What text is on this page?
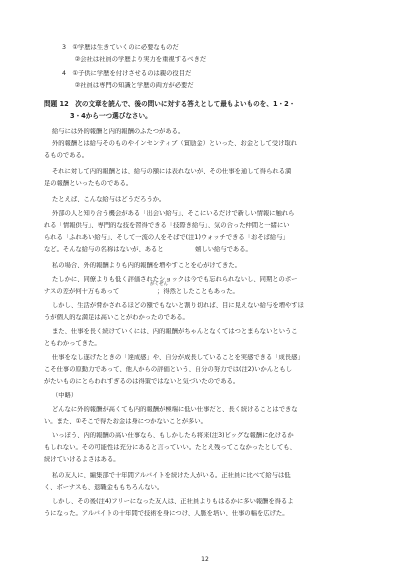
3　 ①学歴は生きていくのに必要なものだ
　　②会社は社員の学歴より実力を重視するべきだ
4　 ①子供に学歴を付けさせるのは親の役目だ
　　②社員は専門の知識と学歴の両方が必要だ
問題 12　 次の文章を読んで、後の問いに対する答えとして最もよいものを、1・2・
3・4から一つ選びなさい。
給与には外的報酬と内的報酬のふたつがある。
外的報酬とは給与そのものやインセンティブ（賞励金）といった、お金として受け取れ
るものである。
それに対して内的報酬とは、給与の額には表れないが、その仕事を通して得られる満
足の報酬といったものである。
たとえば、こんな給与はどうだろうか。
外部の人と知り合う機会がある「出会い給与」、そこにいるだけで新しい情報に触れら
れる「情報供与」、専門的な技を習得できる「技際き給与」、気の合った仲間と一緒にい
られる「ふれあい給与」、そして一流の人をそばで(注1)ウォッチできる「おそば給与」
など。そんな給与の名称はないが、あると　　　　　嬉しい給与である。
私の場合、外的報酬よりも内的報酬を増やすことを心がけてきた。
たしかに、同僚よりも低く評価されたショックは今でも忘れられないし、同期とのボー
がくぜん
ナスの差が何十万もあって　　　　　　；得然としたこともあった。
しかし、生活が脅かされるほどの額でもないと割り切れば、目に見えない給与を増やすほ
うが個人的な満足は高いことがわかったのである。
また、仕事を長く続けていくには、内的報酬がちゃんとなくてはつとまらないというこ
ともわかってきた。
仕事をなし遂げたときの「達成感」や、自分が成長していることを実感できる「成長感」
こそ仕事の原動力であって、他人からの評価という、自分の努力では(注2)いかんともし
がたいものにとらわれすぎるのは得策ではないと気づいたのである。
（中略）
どんなに外的報酬が高くても内的報酬が極端に低い仕事だと、長く続けることはできな
い。また、①そこで得たお金は身につかないことが多い。
いっぽう、内的報酬の高い仕事なら、もしかしたら将来(注3)ビッグな報酬に化けるか
もしれない。その可能性は充分にあると言っていい。たとえ残ってこなかったとしても、
続けていけるよさはある。
私の友人に、編集部で十年間アルバイトを続けた人がいる。正社員に比べて給与は低
く、ボーナスも、退職金ももちろんない。
しかし、その後(注4)フリーになった友人は、正社員よりもはるかに多い報酬を得るよ
うになった。アルバイトの十年間で技術を身につけ、人脈を培い、仕事の幅を広げた。
12
